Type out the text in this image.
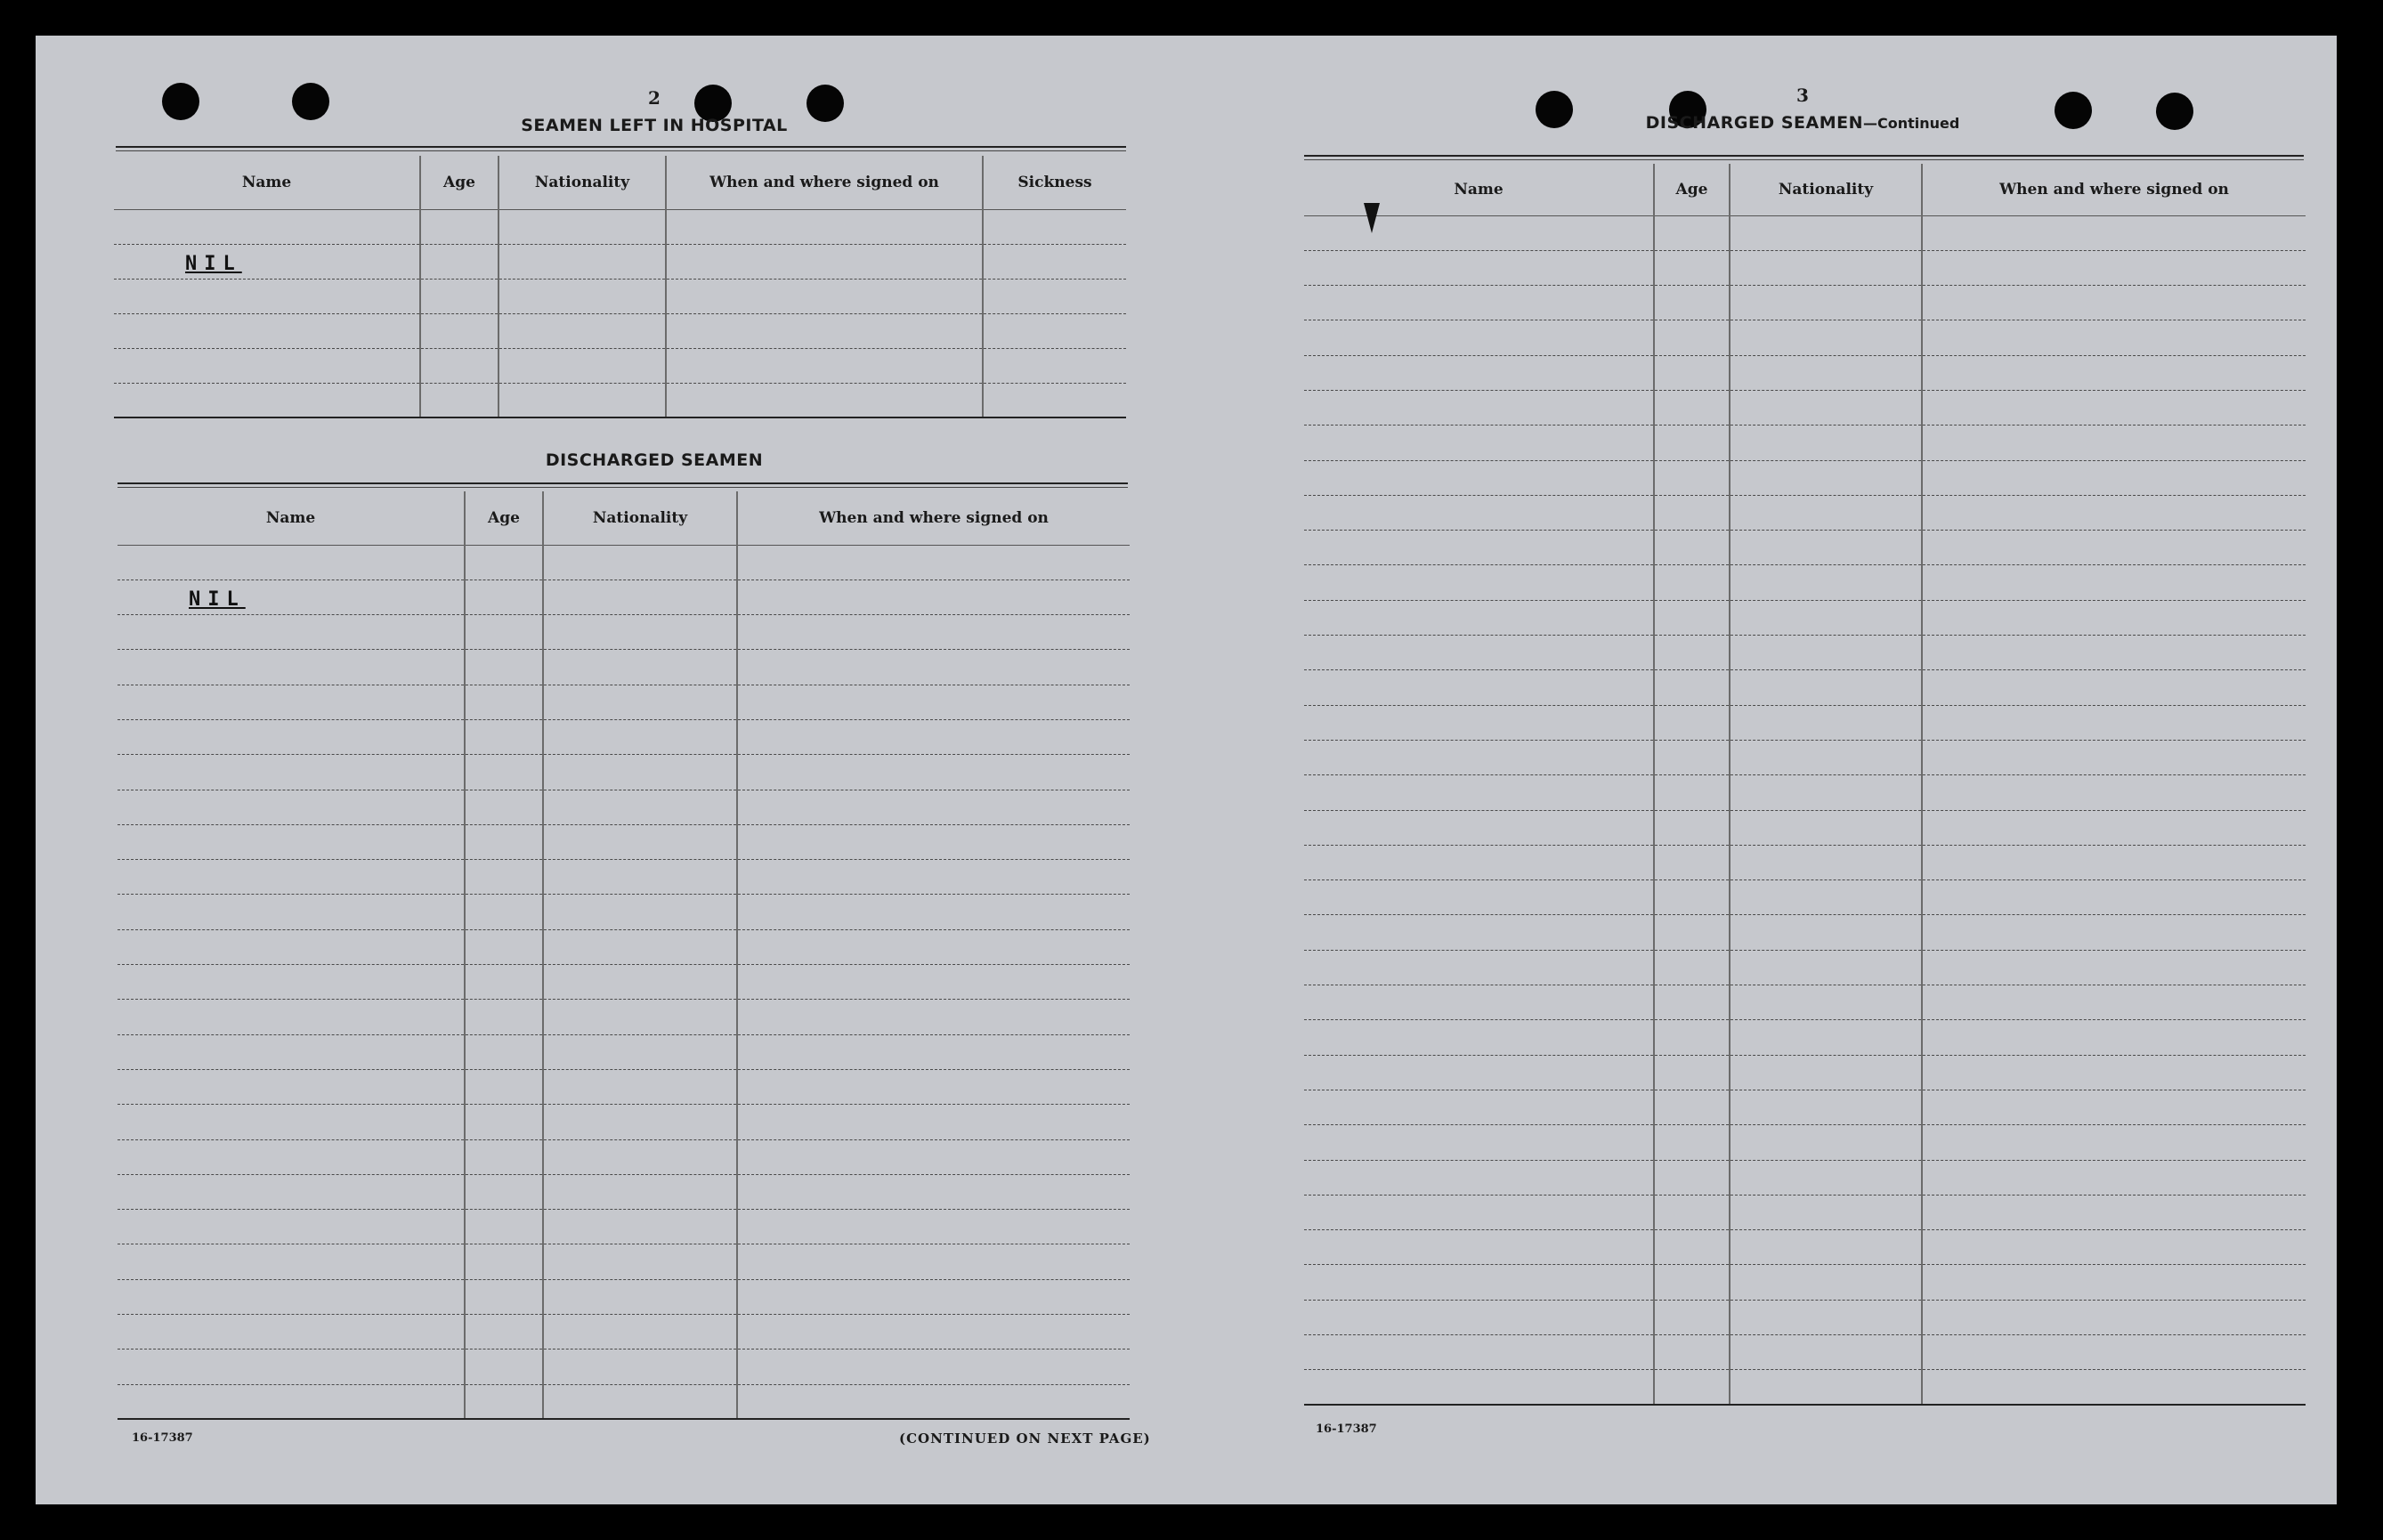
2
SEAMEN LEFT IN HOSPITAL
Name	Age	Nationality	When and where signed on	Sickness

NIL				

DISCHARGED SEAMEN
Name	Age	Nationality	When and where signed on

NIL			

16-17387	(CONTINUED ON NEXT PAGE)
3
DISCHARGED SEAMEN—Continued
Name	Age	Nationality	When and where signed on

16-17387
